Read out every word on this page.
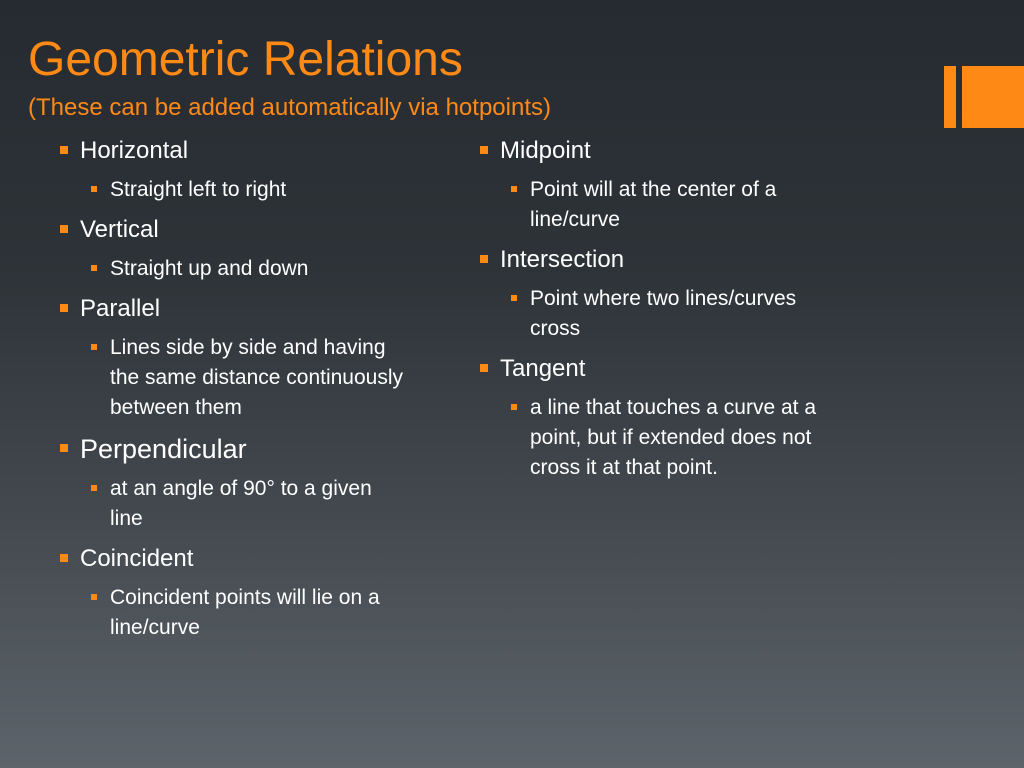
Geometric Relations
(These can be added automatically via hotpoints)
Horizontal
Straight left to right
Vertical
Straight up and down
Parallel
Lines side by side and having
the same distance continuously
between them
Perpendicular
at an angle of 90° to a given
line
Coincident
Coincident points will lie on a
line/curve
Midpoint
Point will at the center of a
line/curve
Intersection
Point where two lines/curves
cross
Tangent
a line that touches a curve at a
point, but if extended does not
cross it at that point.
